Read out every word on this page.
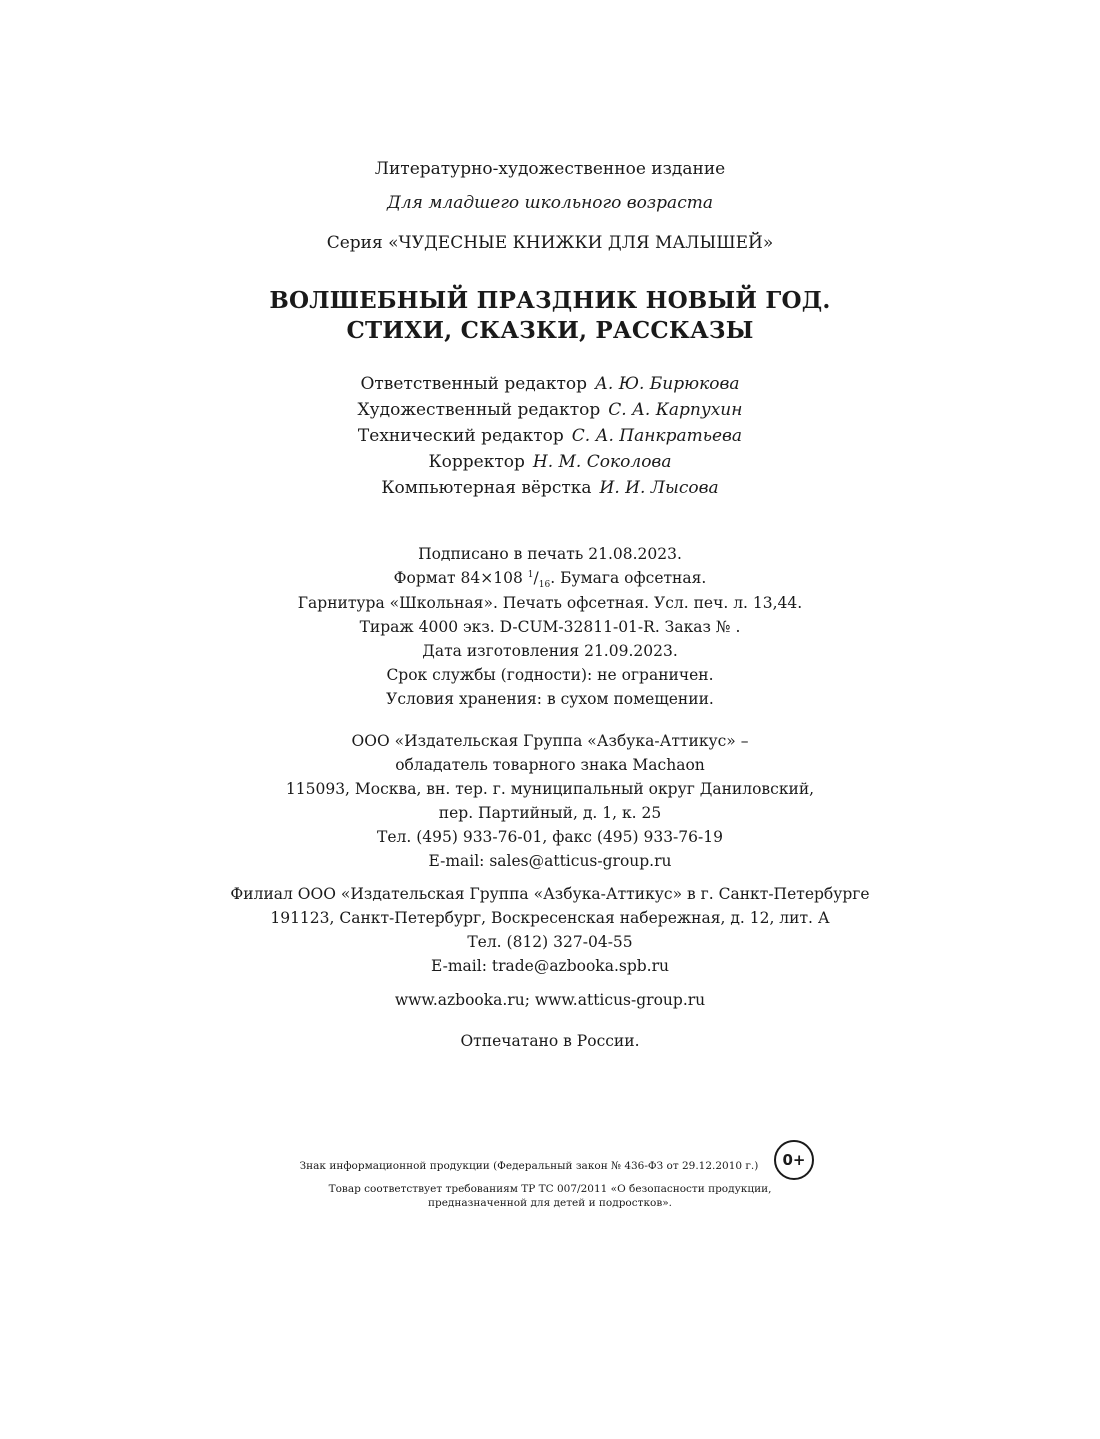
Литературно-художественное издание
Для младшего школьного возраста
Серия «ЧУДЕСНЫЕ КНИЖКИ ДЛЯ МАЛЫШЕЙ»
ВОЛШЕБНЫЙ ПРАЗДНИК НОВЫЙ ГОД.
СТИХИ, СКАЗКИ, РАССКАЗЫ
Ответственный редактор А. Ю. Бирюкова
Художественный редактор С. А. Карпухин
Технический редактор С. А. Панкратьева
Корректор Н. М. Соколова
Компьютерная вёрстка И. И. Лысова
Подписано в печать 21.08.2023.
Формат 84×108 $^1/_{16}$. Бумага офсетная.
Гарнитура «Школьная». Печать офсетная. Усл. печ. л. 13,44.
Тираж 4000 экз. D-CUM-32811-01-R. Заказ № .
Дата изготовления 21.09.2023.
Срок службы (годности): не ограничен.
Условия хранения: в сухом помещении.
ООО «Издательская Группа «Азбука-Аттикус» –
обладатель товарного знака Machaon
115093, Москва, вн. тер. г. муниципальный округ Даниловский,
пер. Партийный, д. 1, к. 25
Тел. (495) 933-76-01, факс (495) 933-76-19
E-mail: sales@atticus-group.ru
Филиал ООО «Издательская Группа «Азбука-Аттикус» в г. Санкт-Петербурге
191123, Санкт-Петербург, Воскресенская набережная, д. 12, лит. А
Тел. (812) 327-04-55
E-mail: trade@azbooka.spb.ru
www.azbooka.ru; www.atticus-group.ru
Отпечатано в России.
Знак информационной продукции (Федеральный закон № 436-ФЗ от 29.12.2010 г.)	0+
Товар соответствует требованиям ТР ТС 007/2011 «О безопасности продукции,
предназначенной для детей и подростков».
